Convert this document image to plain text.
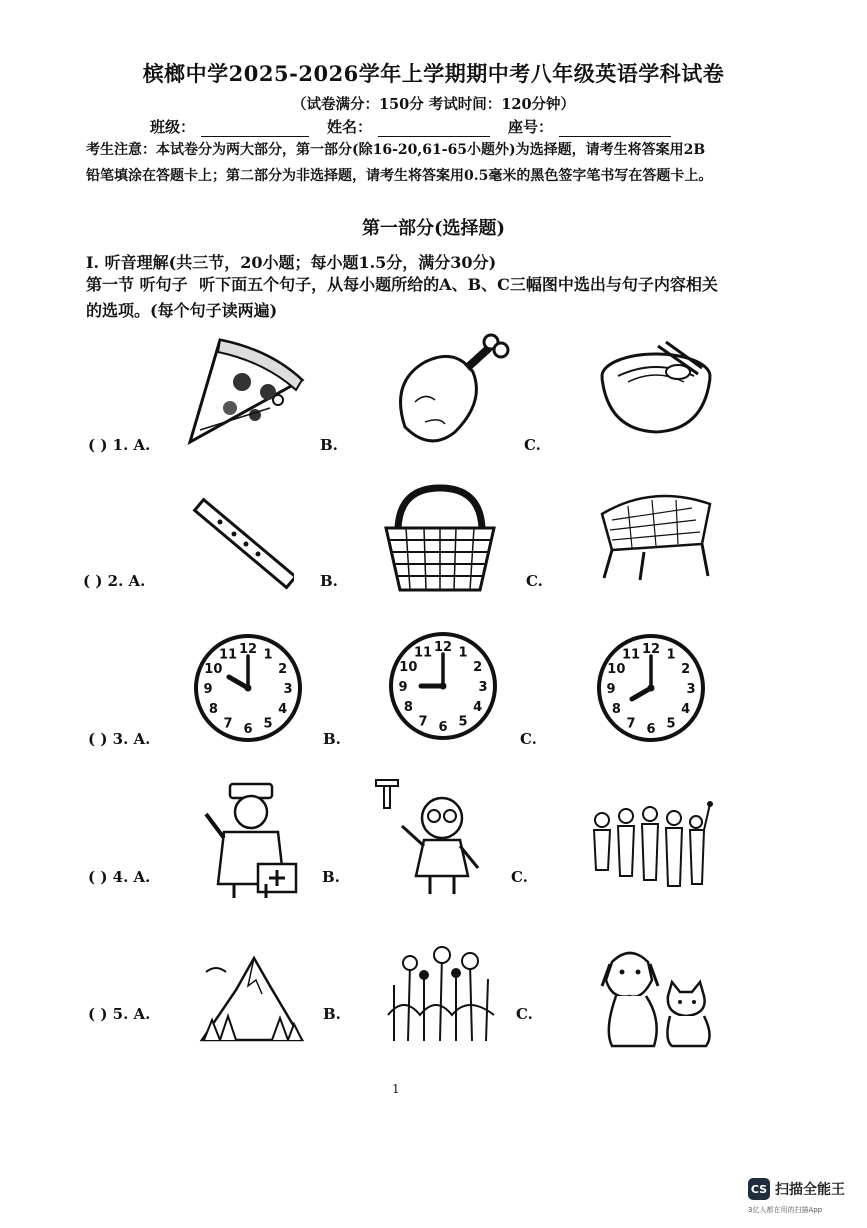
槟榔中学2025-2026学年上学期期中考八年级英语学科试卷
（试卷满分：150分 考试时间：120分钟）
班级：	姓名：	座号：
考生注意：本试卷分为两大部分，第一部分(除16-20,61-65小题外)为选择题，请考生将答案用2B铅笔填涂在答题卡上；第二部分为非选择题，请考生将答案用0.5毫米的黑色签字笔书写在答题卡上。
第一部分(选择题)
I. 听音理解(共三节，20小题；每小题1.5分，满分30分)
第一节 听句子 听下面五个句子，从每小题所给的A、B、C三幅图中选出与句子内容相关的选项。(每个句子读两遍)
( ) 1. A.	B.	C.
( ) 2. A.	B.	C.
( ) 3. A.	B.	C.
( ) 4. A.	B.	C.
( ) 5. A.	B.	C.
1
2
3
4
5
6
7
8
9
10
11 12	1
2
3
4
5
6
7
8
9
10
11 12	1
2
3
4
5
6
7
8
9
10
11 12
1
CS 扫描全能王
3亿人都在用的扫描App
